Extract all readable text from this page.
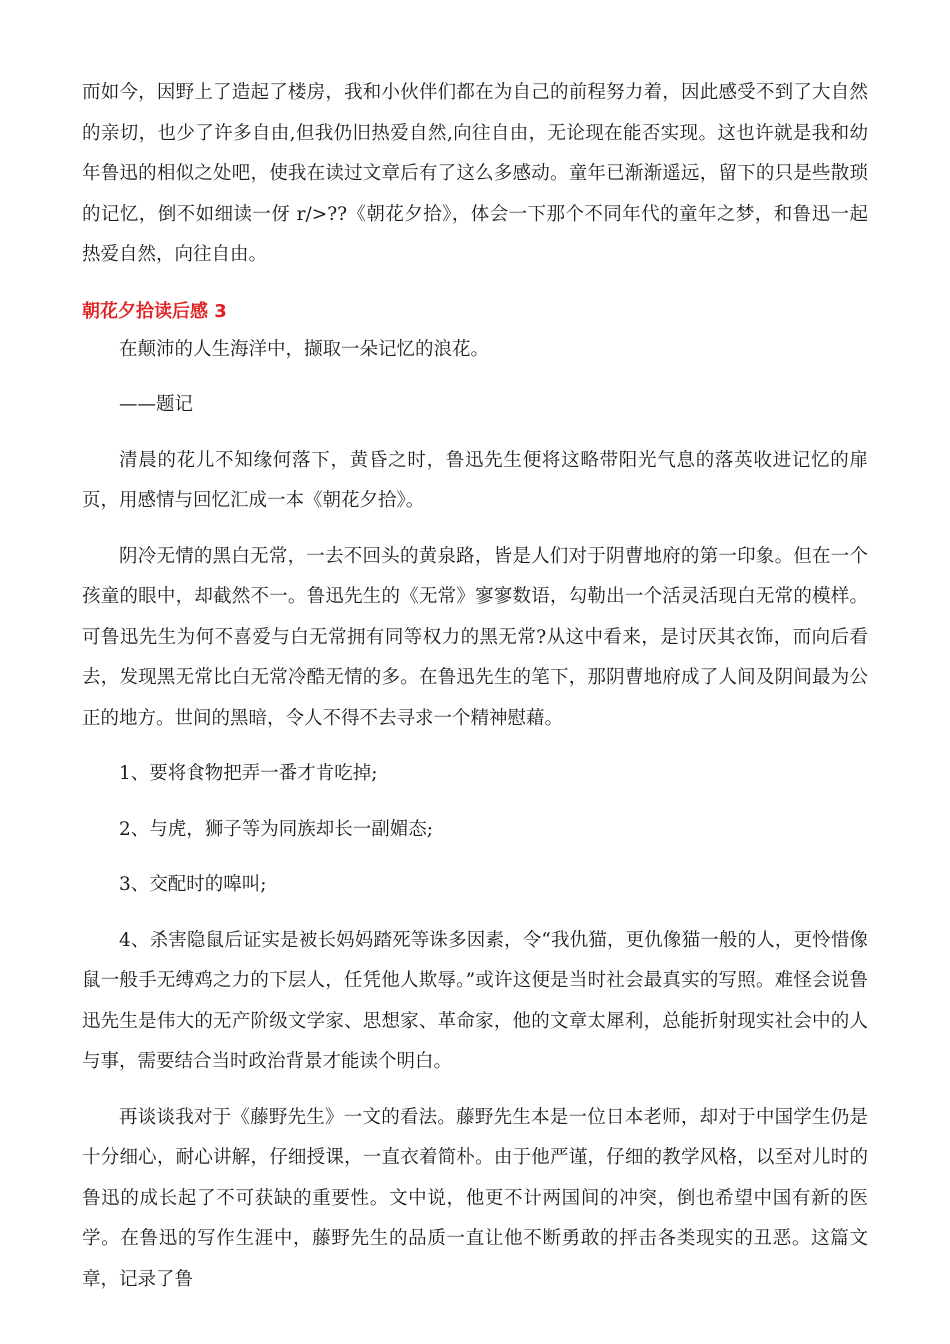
而如今，因野上了造起了楼房，我和小伙伴们都在为自己的前程努力着，因此感受不到了大自然的亲切，也少了许多自由,但我仍旧热爱自然,向往自由，无论现在能否实现。这也许就是我和幼年鲁迅的相似之处吧，使我在读过文章后有了这么多感动。童年已渐渐遥远，留下的只是些散琐的记忆，倒不如细读一伢 r/>??《朝花夕拾》，体会一下那个不同年代的童年之梦，和鲁迅一起热爱自然，向往自由。

朝花夕拾读后感 3

在颠沛的人生海洋中，撷取一朵记忆的浪花。

——题记

清晨的花儿不知缘何落下，黄昏之时，鲁迅先生便将这略带阳光气息的落英收进记忆的扉页，用感情与回忆汇成一本《朝花夕拾》。

阴冷无情的黑白无常，一去不回头的黄泉路，皆是人们对于阴曹地府的第一印象。但在一个孩童的眼中，却截然不一。鲁迅先生的《无常》寥寥数语，勾勒出一个活灵活现白无常的模样。可鲁迅先生为何不喜爱与白无常拥有同等权力的黑无常?从这中看来，是讨厌其衣饰，而向后看去，发现黑无常比白无常冷酷无情的多。在鲁迅先生的笔下，那阴曹地府成了人间及阴间最为公正的地方。世间的黑暗，令人不得不去寻求一个精神慰藉。

1、要将食物把弄一番才肯吃掉;

2、与虎，狮子等为同族却长一副媚态;

3、交配时的嗥叫;

4、杀害隐鼠后证实是被长妈妈踏死等诛多因素，令“我仇猫，更仇像猫一般的人，更怜惜像鼠一般手无缚鸡之力的下层人，任凭他人欺辱。”或许这便是当时社会最真实的写照。难怪会说鲁迅先生是伟大的无产阶级文学家、思想家、革命家，他的文章太犀利，总能折射现实社会中的人与事，需要结合当时政治背景才能读个明白。

再谈谈我对于《藤野先生》一文的看法。藤野先生本是一位日本老师，却对于中国学生仍是十分细心，耐心讲解，仔细授课，一直衣着简朴。由于他严谨，仔细的教学风格，以至对儿时的鲁迅的成长起了不可获缺的重要性。文中说，他更不计两国间的冲突，倒也希望中国有新的医学。在鲁迅的写作生涯中，藤野先生的品质一直让他不断勇敢的抨击各类现实的丑恶。这篇文章，记录了鲁
